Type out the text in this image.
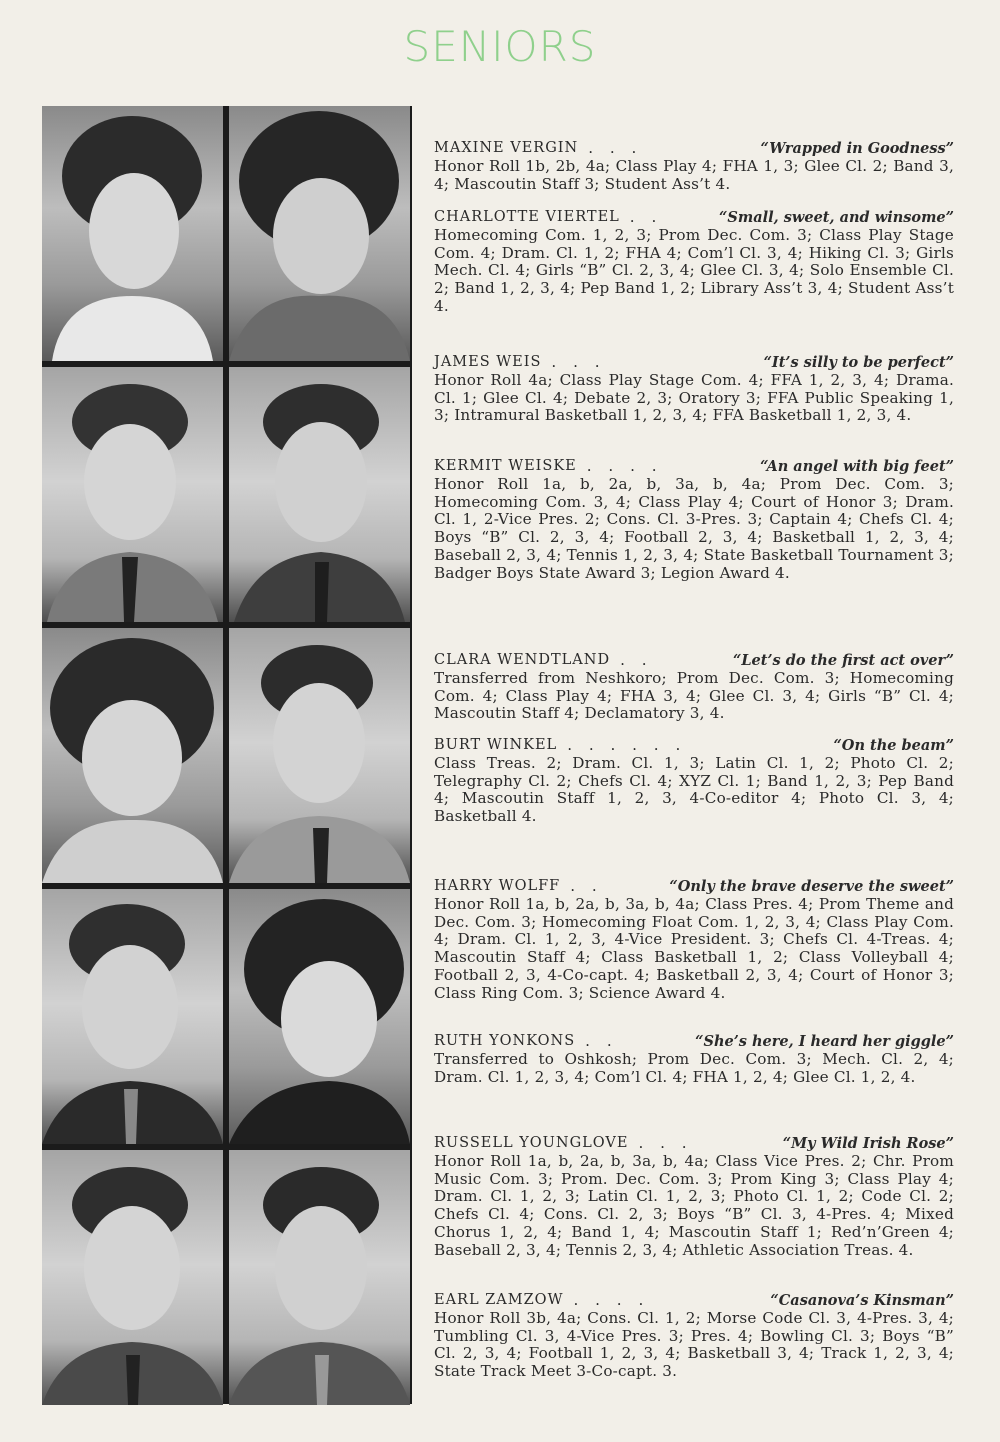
SENIORS
MAXINE VERGIN . . .	“Wrapped in Goodness”
Honor Roll 1b, 2b, 4a; Class Play 4; FHA 1, 3; Glee Cl. 2; Band 3, 4; Mascoutin Staff 3; Student Ass’t 4.
CHARLOTTE VIERTEL . .	“Small, sweet, and winsome”
Homecoming Com. 1, 2, 3; Prom Dec. Com. 3; Class Play Stage Com. 4; Dram. Cl. 1, 2; FHA 4; Com’l Cl. 3, 4; Hiking Cl. 3; Girls Mech. Cl. 4; Girls “B” Cl. 2, 3, 4; Glee Cl. 3, 4; Solo Ensemble Cl. 2; Band 1, 2, 3, 4; Pep Band 1, 2; Library Ass’t 3, 4; Student Ass’t 4.
JAMES WEIS . . .	“It’s silly to be perfect”
Honor Roll 4a; Class Play Stage Com. 4; FFA 1, 2, 3, 4; Drama. Cl. 1; Glee Cl. 4; Debate 2, 3; Oratory 3; FFA Public Speaking 1, 3; Intramural Basketball 1, 2, 3, 4; FFA Basketball 1, 2, 3, 4.
KERMIT WEISKE . . . .	“An angel with big feet”
Honor Roll 1a, b, 2a, b, 3a, b, 4a; Prom Dec. Com. 3; Homecoming Com. 3, 4; Class Play 4; Court of Honor 3; Dram. Cl. 1, 2-Vice Pres. 2; Cons. Cl. 3-Pres. 3; Captain 4; Chefs Cl. 4; Boys “B” Cl. 2, 3, 4; Football 2, 3, 4; Basketball 1, 2, 3, 4; Baseball 2, 3, 4; Tennis 1, 2, 3, 4; State Basketball Tournament 3; Badger Boys State Award 3; Legion Award 4.
CLARA WENDTLAND . .	“Let’s do the first act over”
Transferred from Neshkoro; Prom Dec. Com. 3; Homecoming Com. 4; Class Play 4; FHA 3, 4; Glee Cl. 3, 4; Girls “B” Cl. 4; Mascoutin Staff 4; Declamatory 3, 4.
BURT WINKEL . . . . . .	“On the beam”
Class Treas. 2; Dram. Cl. 1, 3; Latin Cl. 1, 2; Photo Cl. 2; Telegraphy Cl. 2; Chefs Cl. 4; XYZ Cl. 1; Band 1, 2, 3; Pep Band 4; Mascoutin Staff 1, 2, 3, 4-Co-editor 4; Photo Cl. 3, 4; Basketball 4.
HARRY WOLFF . .	“Only the brave deserve the sweet”
Honor Roll 1a, b, 2a, b, 3a, b, 4a; Class Pres. 4; Prom Theme and Dec. Com. 3; Homecoming Float Com. 1, 2, 3, 4; Class Play Com. 4; Dram. Cl. 1, 2, 3, 4-Vice President. 3; Chefs Cl. 4-Treas. 4; Mascoutin Staff 4; Class Basketball 1, 2; Class Volleyball 4; Football 2, 3, 4-Co-capt. 4; Basketball 2, 3, 4; Court of Honor 3; Class Ring Com. 3; Science Award 4.
RUTH YONKONS . .	“She’s here, I heard her giggle”
Transferred to Oshkosh; Prom Dec. Com. 3; Mech. Cl. 2, 4; Dram. Cl. 1, 2, 3, 4; Com’l Cl. 4; FHA 1, 2, 4; Glee Cl. 1, 2, 4.
RUSSELL YOUNGLOVE . . .	“My Wild Irish Rose”
Honor Roll 1a, b, 2a, b, 3a, b, 4a; Class Vice Pres. 2; Chr. Prom Music Com. 3; Prom. Dec. Com. 3; Prom King 3; Class Play 4; Dram. Cl. 1, 2, 3; Latin Cl. 1, 2, 3; Photo Cl. 1, 2; Code Cl. 2; Chefs Cl. 4; Cons. Cl. 2, 3; Boys “B” Cl. 3, 4-Pres. 4; Mixed Chorus 1, 2, 4; Band 1, 4; Mascoutin Staff 1; Red’n’Green 4; Baseball 2, 3, 4; Tennis 2, 3, 4; Athletic Association Treas. 4.
EARL ZAMZOW . . . .	“Casanova’s Kinsman”
Honor Roll 3b, 4a; Cons. Cl. 1, 2; Morse Code Cl. 3, 4-Pres. 3, 4; Tumbling Cl. 3, 4-Vice Pres. 3; Pres. 4; Bowling Cl. 3; Boys “B” Cl. 2, 3, 4; Football 1, 2, 3, 4; Basketball 3, 4; Track 1, 2, 3, 4; State Track Meet 3-Co-capt. 3.
